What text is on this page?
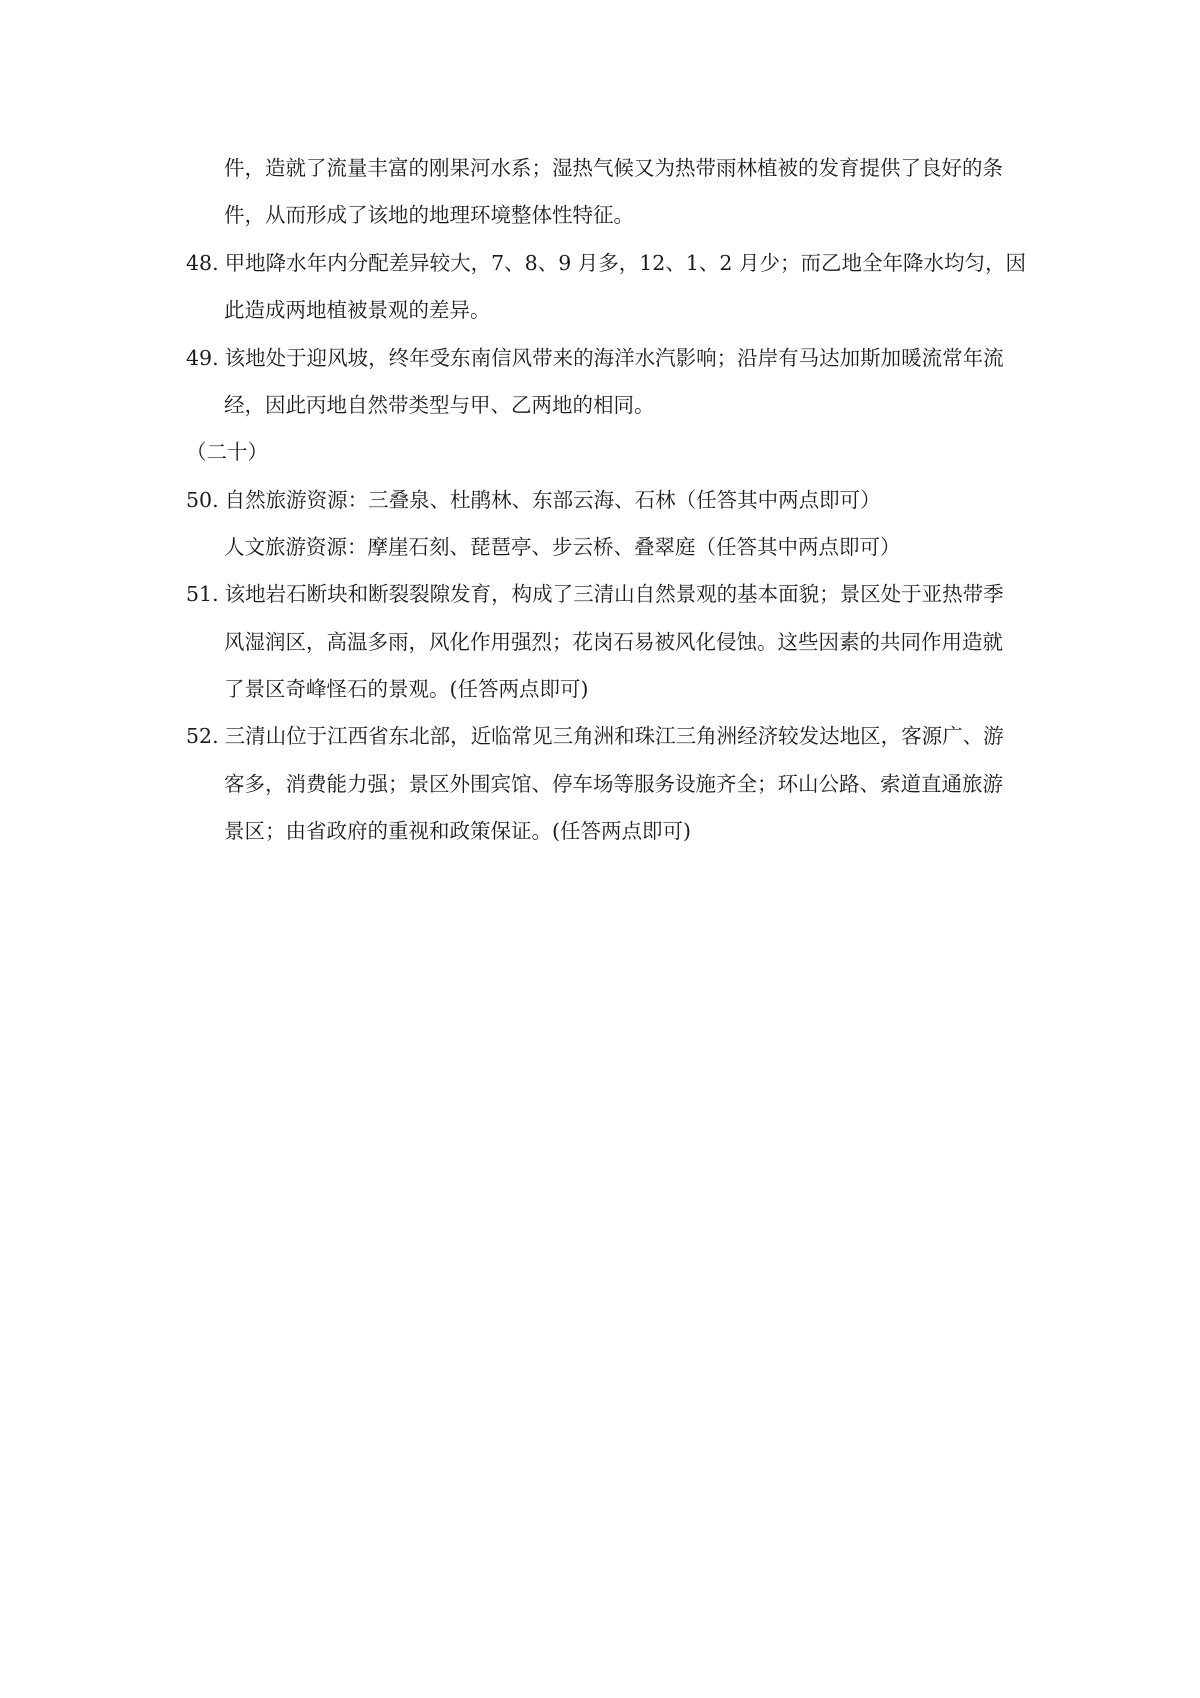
件，造就了流量丰富的刚果河水系；湿热气候又为热带雨林植被的发育提供了良好的条
件，从而形成了该地的地理环境整体性特征。
48. 甲地降水年内分配差异较大，7、8、9 月多，12、1、2 月少；而乙地全年降水均匀，因
此造成两地植被景观的差异。
49. 该地处于迎风坡，终年受东南信风带来的海洋水汽影响；沿岸有马达加斯加暖流常年流
经，因此丙地自然带类型与甲、乙两地的相同。
（二十）
50. 自然旅游资源：三叠泉、杜鹃林、东部云海、石林（任答其中两点即可）
人文旅游资源：摩崖石刻、琵琶亭、步云桥、叠翠庭（任答其中两点即可）
51. 该地岩石断块和断裂裂隙发育，构成了三清山自然景观的基本面貌；景区处于亚热带季
风湿润区，高温多雨，风化作用强烈；花岗石易被风化侵蚀。这些因素的共同作用造就
了景区奇峰怪石的景观。(任答两点即可)
52. 三清山位于江西省东北部，近临常见三角洲和珠江三角洲经济较发达地区，客源广、游
客多，消费能力强；景区外围宾馆、停车场等服务设施齐全；环山公路、索道直通旅游
景区；由省政府的重视和政策保证。(任答两点即可)
